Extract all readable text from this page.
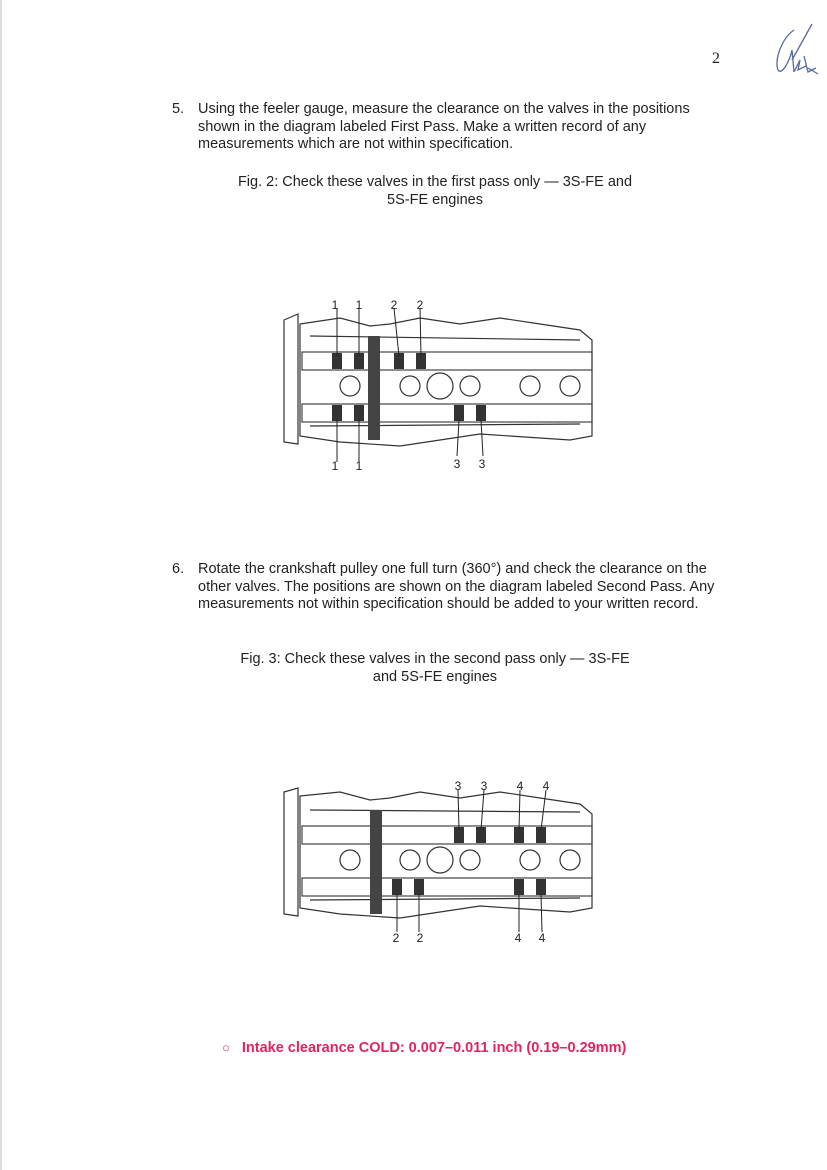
2
5. Using the feeler gauge, measure the clearance on the valves in the positions shown in the diagram labeled First Pass. Make a written record of any measurements which are not within specification.
Fig. 2: Check these valves in the first pass only — 3S-FE and
5S-FE engines
1 1 2 2
1 1	3 3
6. Rotate the crankshaft pulley one full turn (360°) and check the clearance on the other valves. The positions are shown on the diagram labeled Second Pass. Any measurements not within specification should be added to your written record.
Fig. 3: Check these valves in the second pass only — 3S-FE
and 5S-FE engines
3 3 4 4
2 2	4 4
○ Intake clearance COLD: 0.007–0.011 inch (0.19–0.29mm)
